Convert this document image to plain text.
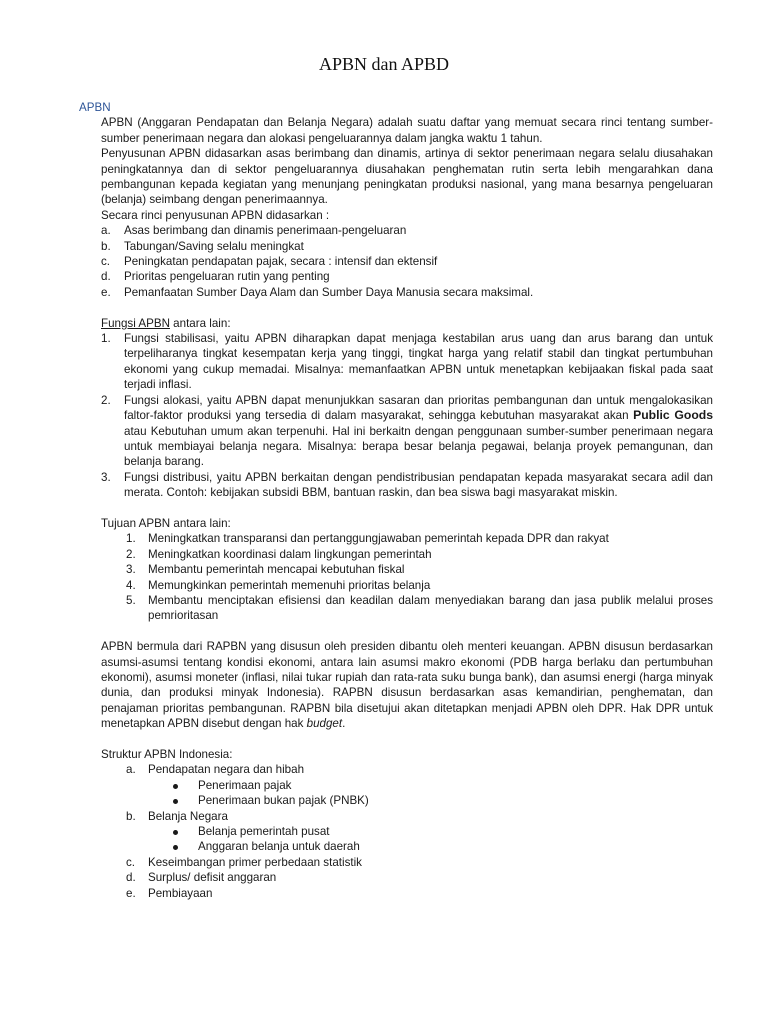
APBN dan APBD

APBN

APBN (Anggaran Pendapatan dan Belanja Negara) adalah suatu daftar yang memuat secara rinci tentang sumber-sumber penerimaan negara dan alokasi pengeluarannya dalam jangka waktu 1 tahun.

Penyusunan APBN didasarkan asas berimbang dan dinamis, artinya di sektor penerimaan negara selalu diusahakan peningkatannya dan di sektor pengeluarannya diusahakan penghematan rutin serta lebih mengarahkan dana pembangunan kepada kegiatan yang menunjang peningkatan produksi nasional, yang mana besarnya pengeluaran (belanja) seimbang dengan penerimaannya.

Secara rinci penyusunan APBN didasarkan :

a.	Asas berimbang dan dinamis penerimaan-pengeluaran
b.	Tabungan/Saving selalu meningkat
c.	Peningkatan pendapatan pajak, secara : intensif dan ektensif
d.	Prioritas pengeluaran rutin yang penting
e.	Pemanfaatan Sumber Daya Alam dan Sumber Daya Manusia secara maksimal.

Fungsi APBN antara lain:

1.	Fungsi stabilisasi, yaitu APBN diharapkan dapat menjaga kestabilan arus uang dan arus barang dan untuk terpeliharanya tingkat kesempatan kerja yang tinggi, tingkat harga yang relatif stabil dan tingkat pertumbuhan ekonomi yang cukup memadai. Misalnya: memanfaatkan APBN untuk menetapkan kebijaakan fiskal pada saat terjadi inflasi.
2.	Fungsi alokasi, yaitu APBN dapat menunjukkan sasaran dan prioritas pembangunan dan untuk mengalokasikan faltor-faktor produksi yang tersedia di dalam masyarakat, sehingga kebutuhan masyarakat akan Public Goods atau Kebutuhan umum akan terpenuhi. Hal ini berkaitn dengan penggunaan sumber-sumber penerimaan negara untuk membiayai belanja negara. Misalnya: berapa besar belanja pegawai, belanja proyek pemangunan, dan belanja barang.
3.	Fungsi distribusi, yaitu APBN berkaitan dengan pendistribusian pendapatan kepada masyarakat secara adil dan merata. Contoh: kebijakan subsidi BBM, bantuan raskin, dan bea siswa bagi masyarakat miskin.

Tujuan APBN antara lain:

1.	Meningkatkan transparansi dan pertanggungjawaban pemerintah kepada DPR dan rakyat
2.	Meningkatkan koordinasi dalam lingkungan pemerintah
3.	Membantu pemerintah mencapai kebutuhan fiskal
4.	Memungkinkan pemerintah memenuhi prioritas belanja
5.	Membantu menciptakan efisiensi dan keadilan dalam menyediakan barang dan jasa publik melalui proses pemrioritasan

APBN bermula dari RAPBN yang disusun oleh presiden dibantu oleh menteri keuangan. APBN disusun berdasarkan asumsi-asumsi tentang kondisi ekonomi, antara lain asumsi makro ekonomi (PDB harga berlaku dan pertumbuhan ekonomi), asumsi moneter (inflasi, nilai tukar rupiah dan rata-rata suku bunga bank), dan asumsi energi (harga minyak dunia, dan produksi minyak Indonesia). RAPBN disusun berdasarkan asas kemandirian, penghematan, dan penajaman prioritas pembangunan. RAPBN bila disetujui akan ditetapkan menjadi APBN oleh DPR. Hak DPR untuk menetapkan APBN disebut dengan hak budget.

Struktur APBN Indonesia:

a.	Pendapatan negara dan hibah
Penerimaan pajak
Penerimaan bukan pajak (PNBK)
b.	Belanja Negara
Belanja pemerintah pusat
Anggaran belanja untuk daerah
c.	Keseimbangan primer perbedaan statistik
d.	Surplus/ defisit anggaran
e.	Pembiayaan
